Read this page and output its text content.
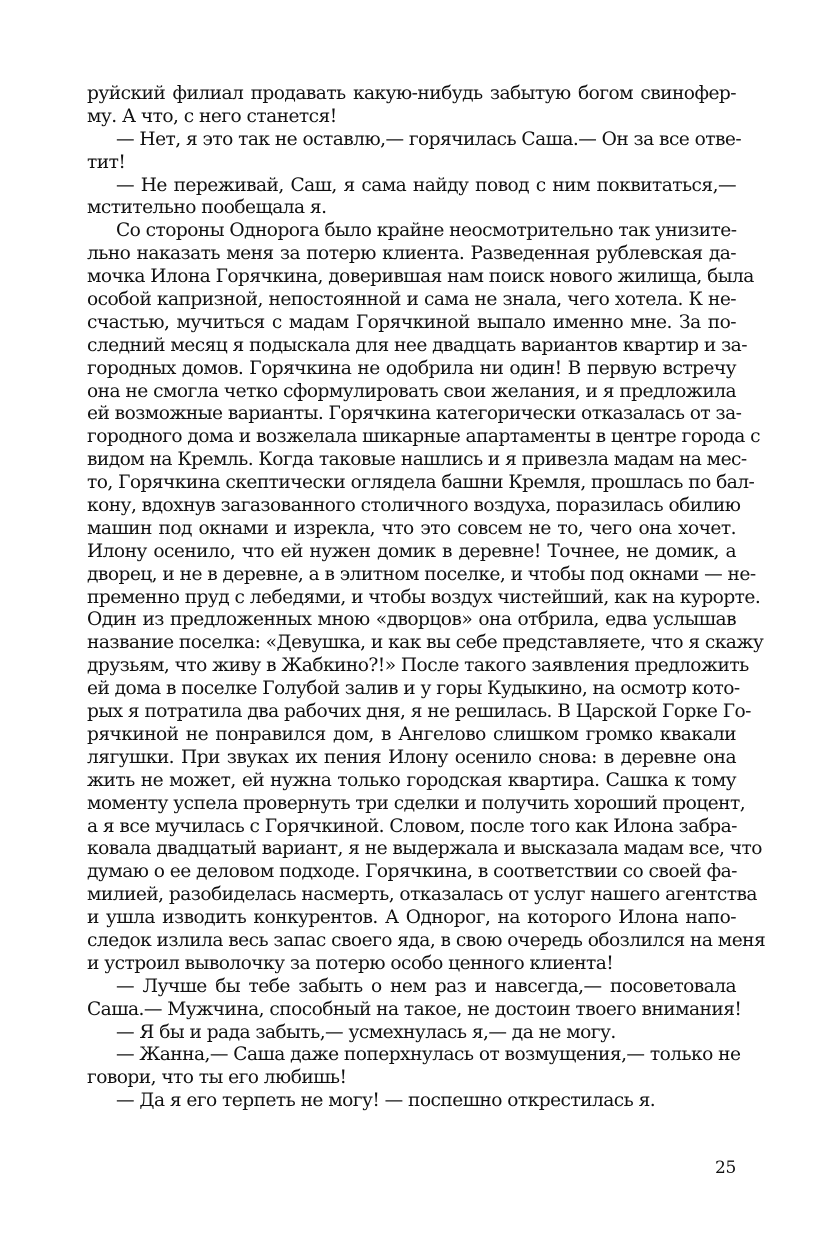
руйский филиал продавать какую-нибудь забытую богом свинофер-
му. А что, с него станется!
— Нет, я это так не оставлю,— горячилась Саша.— Он за все отве-
тит!
— Не переживай, Саш, я сама найду повод с ним поквитаться,—
мстительно пообещала я.
Со стороны Однорога было крайне неосмотрительно так унизите-
льно наказать меня за потерю клиента. Разведенная рублевская да-
мочка Илона Горячкина, доверившая нам поиск нового жилища, была
особой капризной, непостоянной и сама не знала, чего хотела. К не-
счастью, мучиться с мадам Горячкиной выпало именно мне. За по-
следний месяц я подыскала для нее двадцать вариантов квартир и за-
городных домов. Горячкина не одобрила ни один! В первую встречу
она не смогла четко сформулировать свои желания, и я предложила
ей возможные варианты. Горячкина категорически отказалась от за-
городного дома и возжелала шикарные апартаменты в центре города с
видом на Кремль. Когда таковые нашлись и я привезла мадам на мес-
то, Горячкина скептически оглядела башни Кремля, прошлась по бал-
кону, вдохнув загазованного столичного воздуха, поразилась обилию
машин под окнами и изрекла, что это совсем не то, чего она хочет.
Илону осенило, что ей нужен домик в деревне! Точнее, не домик, а
дворец, и не в деревне, а в элитном поселке, и чтобы под окнами — не-
пременно пруд с лебедями, и чтобы воздух чистейший, как на курорте.
Один из предложенных мною «дворцов» она отбрила, едва услышав
название поселка: «Девушка, и как вы себе представляете, что я скажу
друзьям, что живу в Жабкино?!» После такого заявления предложить
ей дома в поселке Голубой залив и у горы Кудыкино, на осмотр кото-
рых я потратила два рабочих дня, я не решилась. В Царской Горке Го-
рячкиной не понравился дом, в Ангелово слишком громко квакали
лягушки. При звуках их пения Илону осенило снова: в деревне она
жить не может, ей нужна только городская квартира. Сашка к тому
моменту успела провернуть три сделки и получить хороший процент,
а я все мучилась с Горячкиной. Словом, после того как Илона забра-
ковала двадцатый вариант, я не выдержала и высказала мадам все, что
думаю о ее деловом подходе. Горячкина, в соответствии со своей фа-
милией, разобиделась насмерть, отказалась от услуг нашего агентства
и ушла изводить конкурентов. А Однорог, на которого Илона напо-
следок излила весь запас своего яда, в свою очередь обозлился на меня
и устроил выволочку за потерю особо ценного клиента!
— Лучше бы тебе забыть о нем раз и навсегда,— посоветовала
Саша.— Мужчина, способный на такое, не достоин твоего внимания!
— Я бы и рада забыть,— усмехнулась я,— да не могу.
— Жанна,— Саша даже поперхнулась от возмущения,— только не
говори, что ты его любишь!
— Да я его терпеть не могу! — поспешно открестилась я.
25
